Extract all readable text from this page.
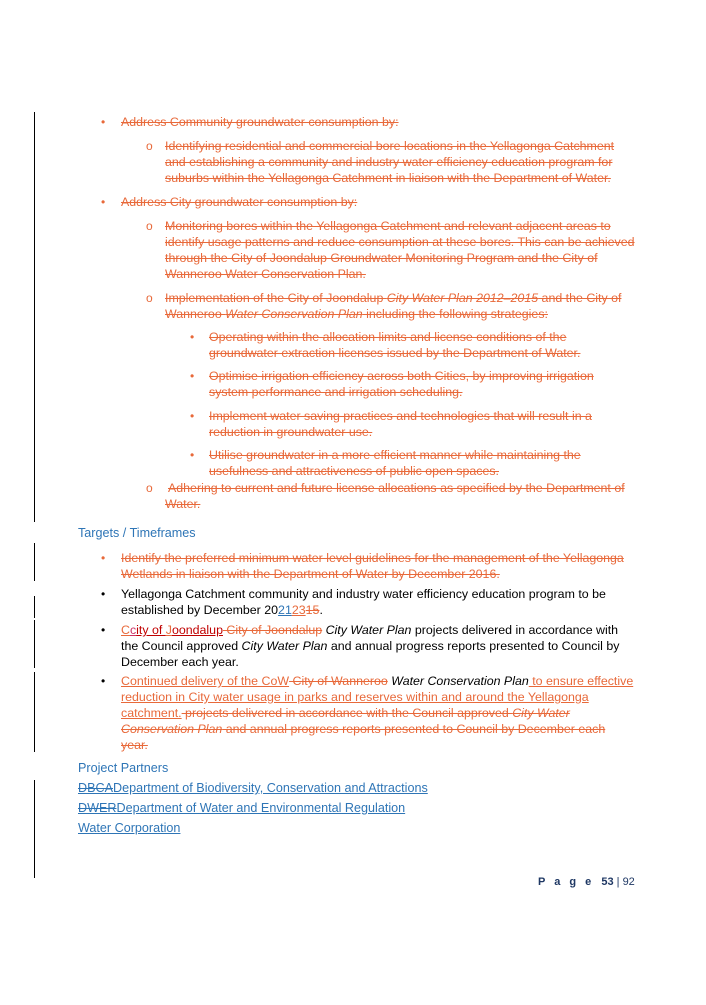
• Address Community groundwater consumption by:
o Identifying residential and commercial bore locations in the Yellagonga Catchment
and establishing a community and industry water efficiency education program for
suburbs within the Yellagonga Catchment in liaison with the Department of Water.
• Address City groundwater consumption by:
o Monitoring bores within the Yellagonga Catchment and relevant adjacent areas to
identify usage patterns and reduce consumption at these bores. This can be achieved
through the City of Joondalup Groundwater Monitoring Program and the City of
Wanneroo Water Conservation Plan.
o Implementation of the City of Joondalup City Water Plan 2012–2015 and the City of
Wanneroo Water Conservation Plan including the following strategies:
• Operating within the allocation limits and license conditions of the
groundwater extraction licenses issued by the Department of Water.
• Optimise irrigation efficiency across both Cities, by improving irrigation
system performance and irrigation scheduling.
• Implement water saving practices and technologies that will result in a
reduction in groundwater use.
• Utilise groundwater in a more efficient manner while maintaining the
usefulness and attractiveness of public open spaces.
o Adhering to current and future license allocations as specified by the Department of
Water.
Targets / Timeframes
• Identify the preferred minimum water level guidelines for the management of the Yellagonga
Wetlands in liaison with the Department of Water by December 2016.
• Yellagonga Catchment community and industry water efficiency education program to be
established by December 20212315.
• Ccity of Joondalup City of Joondalup City Water Plan projects delivered in accordance with
the Council approved City Water Plan and annual progress reports presented to Council by
December each year.
• Continued delivery of the CoW City of Wanneroo Water Conservation Plan to ensure effective
reduction in City water usage in parks and reserves within and around the Yellagonga
catchment. projects delivered in accordance with the Council approved City Water
Conservation Plan and annual progress reports presented to Council by December each
year.
Project Partners
DBCADepartment of Biodiversity, Conservation and Attractions
DWERDepartment of Water and Environmental Regulation
Water Corporation
P a g e 53 | 92
